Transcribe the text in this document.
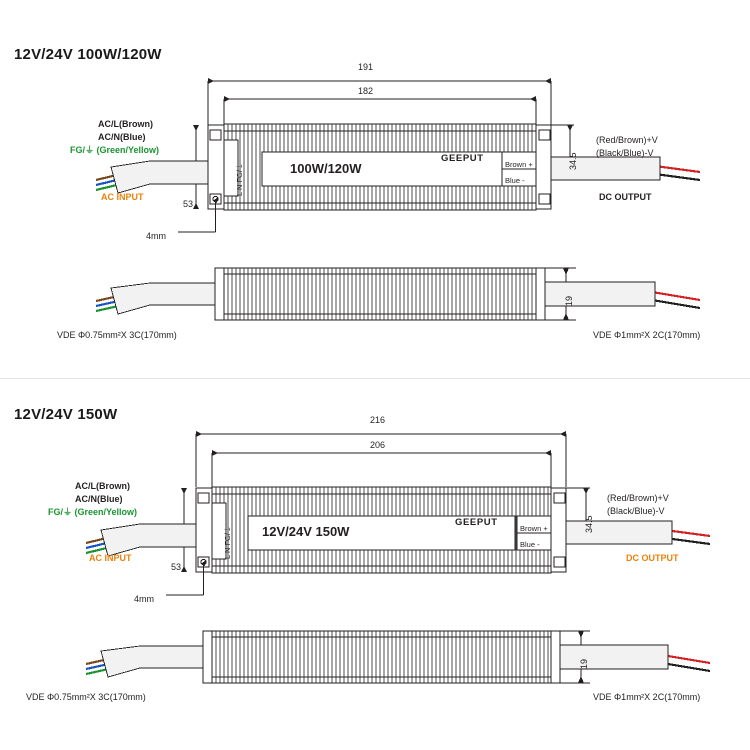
12V/24V 100W/120W
191
182
AC/L(Brown)
AC/N(Blue)
FG/⏚ (Green/Yellow)
AC INPUT
(Red/Brown)+V
(Black/Blue)-V
DC OUTPUT
GEEPUT
100W/120W	Brown +
Blue -
L N FG/⏚
53
34.5
4mm
19
VDE Φ0.75mm²X 3C(170mm)	VDE Φ1mm²X 2C(170mm)
12V/24V 150W	216
206
AC/L(Brown)
AC/N(Blue)
FG/⏚ (Green/Yellow)
AC INPUT
(Red/Brown)+V
(Black/Blue)-V
DC OUTPUT
GEEPUT
12V/24V 150W	Brown +
Blue -
L N FG/⏚
53
34.5
4mm
19
VDE Φ0.75mm²X 3C(170mm)	VDE Φ1mm²X 2C(170mm)
